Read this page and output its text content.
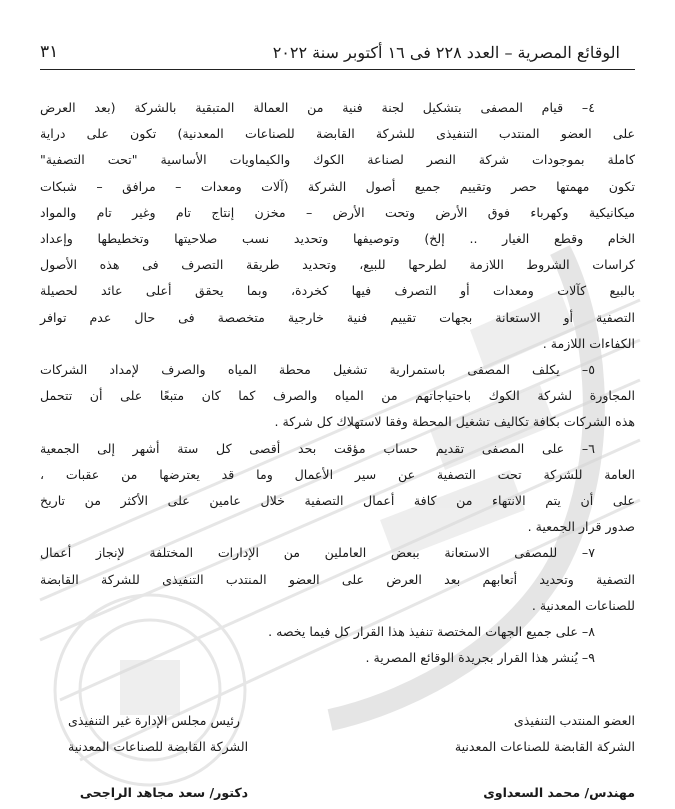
الوقائع المصرية – العدد ٢٢٨ فى ١٦ أكتوبر سنة ٢٠٢٢
٣١

٤– قيام المصفى بتشكيل لجنة فنية من العمالة المتبقية بالشركة (بعد العرض

على العضو المنتدب التنفيذى للشركة القابضة للصناعات المعدنية) تكون على دراية

كاملة بموجودات شركة النصر لصناعة الكوك والكيماويات الأساسية "تحت التصفية"

تكون مهمتها حصر وتقييم جميع أصول الشركة (آلات ومعدات – مرافق – شبكات

ميكانيكية وكهرباء فوق الأرض وتحت الأرض – مخزن إنتاج تام وغير تام والمواد

الخام وقطع الغيار .. إلخ) وتوصيفها وتحديد نسب صلاحيتها وتخطيطها وإعداد

كراسات الشروط اللازمة لطرحها للبيع، وتحديد طريقة التصرف فى هذه الأصول

بالبيع كآلات ومعدات أو التصرف فيها كخردة، وبما يحقق أعلى عائد لحصيلة

التصفية أو الاستعانة بجهات تقييم فنية خارجية متخصصة فى حال عدم توافر

الكفاءات اللازمة .

٥– يكلف المصفى باستمرارية تشغيل محطة المياه والصرف لإمداد الشركات

المجاورة لشركة الكوك باحتياجاتهم من المياه والصرف كما كان متبعًا على أن تتحمل

هذه الشركات بكافة تكاليف تشغيل المحطة وفقا لاستهلاك كل شركة .

٦– على المصفى تقديم حساب مؤقت بحد أقصى كل ستة أشهر إلى الجمعية

العامة للشركة تحت التصفية عن سير الأعمال وما قد يعترضها من عقبات ،

على أن يتم الانتهاء من كافة أعمال التصفية خلال عامين على الأكثر من تاريخ

صدور قرار الجمعية .

٧– للمصفى الاستعانة ببعض العاملين من الإدارات المختلفة لإنجاز أعمال

التصفية وتحديد أتعابهم بعد العرض على العضو المنتدب التنفيذى للشركة القابضة

للصناعات المعدنية .

٨– على جميع الجهات المختصة تنفيذ هذا القرار كل فيما يخصه .

٩– يُنشر هذا القرار بجريدة الوقائع المصرية .

العضو المنتدب التنفيذى
الشركة القابضة للصناعات المعدنية
مهندس/ محمد السعداوى
رئيس مجلس الإدارة غير التنفيذى
الشركة القابضة للصناعات المعدنية
دكتور/ سعد مجاهد الراجحى
